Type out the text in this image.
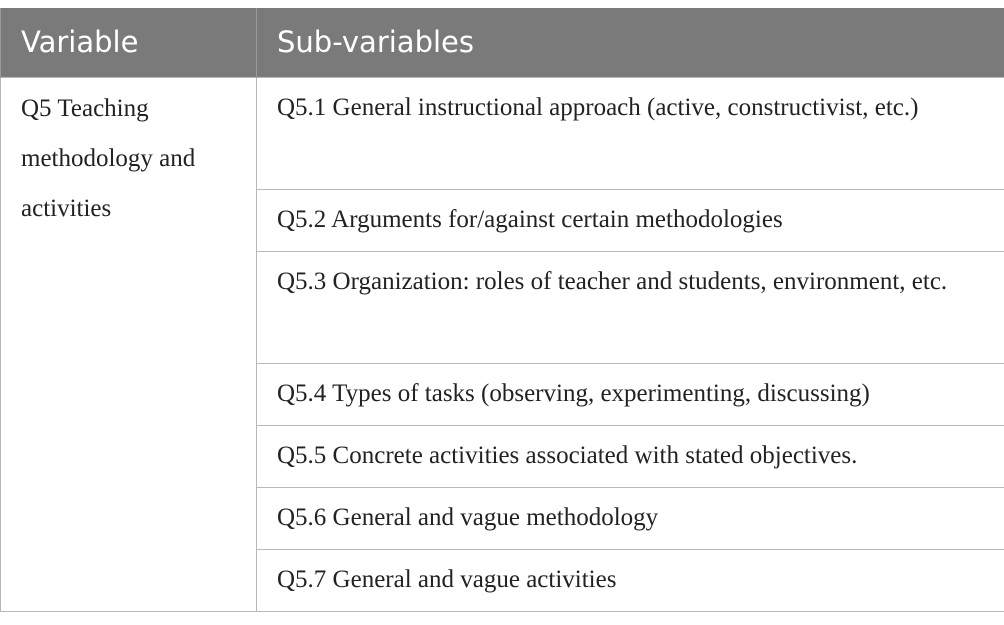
Variable	Sub-variables
Q5 Teaching methodology and activities	Q5.1 General instructional approach (active, constructivist, etc.)
	Q5.2 Arguments for/against certain methodologies
	Q5.3 Organization: roles of teacher and students, environment, etc.
	Q5.4 Types of tasks (observing, experimenting, discussing)
	Q5.5 Concrete activities associated with stated objectives.
	Q5.6 General and vague methodology
	Q5.7 General and vague activities
